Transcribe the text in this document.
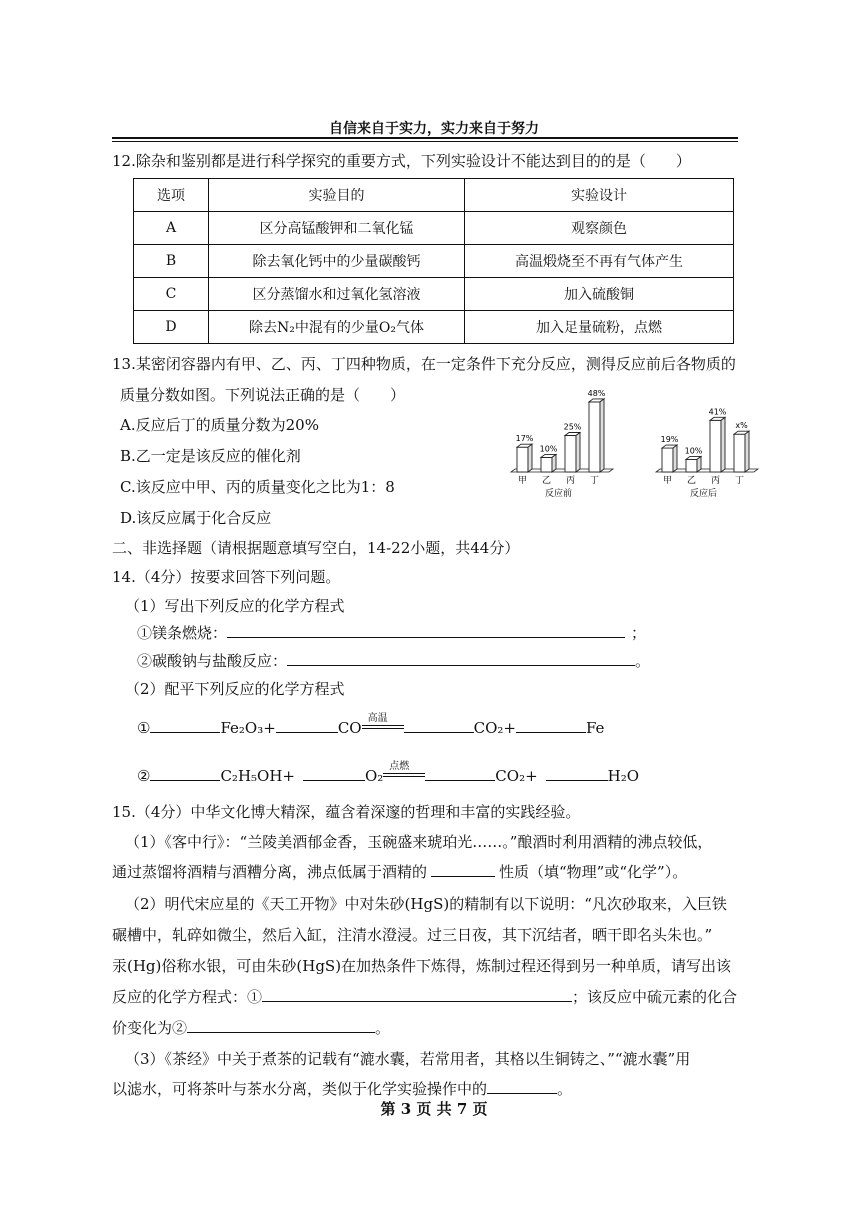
自信来自于实力，实力来自于努力
12.除杂和鉴别都是进行科学探究的重要方式，下列实验设计不能达到目的的是（　　）
选项	实验目的	实验设计
A	区分高锰酸钾和二氧化锰	观察颜色
B	除去氧化钙中的少量碳酸钙	高温煅烧至不再有气体产生
C	区分蒸馏水和过氧化氢溶液	加入硫酸铜
D	除去N₂中混有的少量O₂气体	加入足量硫粉，点燃
13.某密闭容器内有甲、乙、丙、丁四种物质，在一定条件下充分反应，测得反应前后各物质的
质量分数如图。下列说法正确的是（　　）
A.反应后丁的质量分数为20%
B.乙一定是该反应的催化剂
C.该反应中甲、丙的质量变化之比为1：8
D.该反应属于化合反应
17%
甲
10%
乙
25%
丙
48%
丁
反应前
19%
甲
10%
乙
41%
丙
x%
丁
反应后
二、非选择题（请根据题意填写空白，14-22小题，共44分）
14.（4分）按要求回答下列问题。
（1）写出下列反应的化学方程式
①镁条燃烧：	；
②碳酸钠与盐酸反应：	。
（2）配平下列反应的化学方程式
①	Fe₂O₃+	CO
高温
CO₂+	Fe
②	C₂H₅OH+	O₂
点燃
CO₂+	H₂O
15.（4分）中华文化博大精深，蕴含着深邃的哲理和丰富的实践经验。
（1）《客中行》：“兰陵美酒郁金香，玉碗盛来琥珀光……。”酿酒时利用酒精的沸点较低，
通过蒸馏将酒精与酒糟分离，沸点低属于酒精的	性质（填“物理”或“化学”）。
（2）明代宋应星的《天工开物》中对朱砂(HgS)的精制有以下说明：“凡次砂取来，入巨铁
碾槽中，轧碎如微尘，然后入缸，注清水澄浸。过三日夜，其下沉结者，晒干即名头朱也。”
汞(Hg)俗称水银，可由朱砂(HgS)在加热条件下炼得，炼制过程还得到另一种单质，请写出该
反应的化学方程式：①	；该反应中硫元素的化合
价变化为②	。
（3）《茶经》中关于煮茶的记载有“漉水囊，若常用者，其格以生铜铸之、”“漉水囊”用
以滤水，可将茶叶与茶水分离，类似于化学实验操作中的	。
第 3 页 共 7 页
